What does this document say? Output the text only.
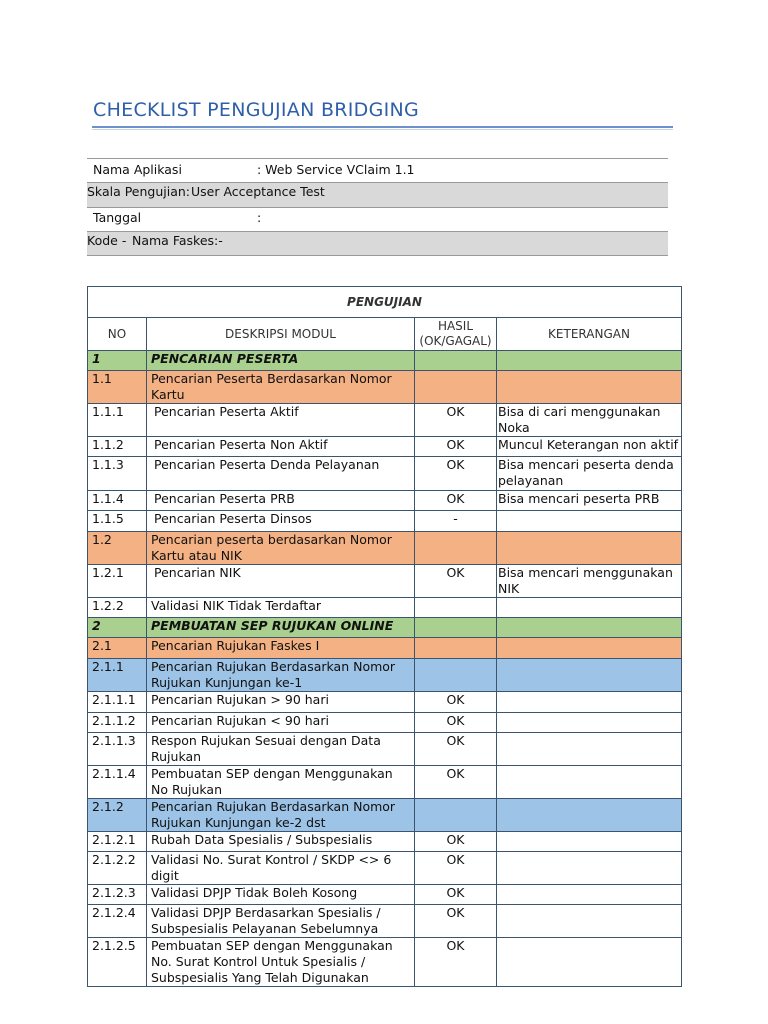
CHECKLIST PENGUJIAN BRIDGING
Nama Aplikasi	: Web Service VClaim 1.1
Skala Pengujian: User Acceptance Test
Tanggal	:
Kode - Nama Faskes:-
PENGUJIAN			
NO	DESKRIPSI MODUL	HASIL
(OK/GAGAL)	KETERANGAN
1	PENCARIAN PESERTA		
1.1	Pencarian Peserta Berdasarkan Nomor Kartu		
1.1.1	Pencarian Peserta Aktif	OK	Bisa di cari menggunakan Noka
1.1.2	Pencarian Peserta Non Aktif	OK	Muncul Keterangan non aktif
1.1.3	Pencarian Peserta Denda Pelayanan	OK	Bisa mencari peserta denda pelayanan
1.1.4	Pencarian Peserta PRB	OK	Bisa mencari peserta PRB
1.1.5	Pencarian Peserta Dinsos	-	
1.2	Pencarian peserta berdasarkan Nomor Kartu atau NIK		
1.2.1	Pencarian NIK	OK	Bisa mencari menggunakan NIK
1.2.2	Validasi NIK Tidak Terdaftar		
2	PEMBUATAN SEP RUJUKAN ONLINE		
2.1	Pencarian Rujukan Faskes I		
2.1.1	Pencarian Rujukan Berdasarkan Nomor Rujukan Kunjungan ke-1		
2.1.1.1	Pencarian Rujukan > 90 hari	OK	
2.1.1.2	Pencarian Rujukan < 90 hari	OK	
2.1.1.3	Respon Rujukan Sesuai dengan Data Rujukan	OK	
2.1.1.4	Pembuatan SEP dengan Menggunakan No Rujukan	OK	
2.1.2	Pencarian Rujukan Berdasarkan Nomor Rujukan Kunjungan ke-2 dst		
2.1.2.1	Rubah Data Spesialis / Subspesialis	OK	
2.1.2.2	Validasi No. Surat Kontrol / SKDP <> 6 digit	OK	
2.1.2.3	Validasi DPJP Tidak Boleh Kosong	OK	
2.1.2.4	Validasi DPJP Berdasarkan Spesialis / Subspesialis Pelayanan Sebelumnya	OK	
2.1.2.5	Pembuatan SEP dengan Menggunakan No. Surat Kontrol Untuk Spesialis / Subspesialis Yang Telah Digunakan	OK	
